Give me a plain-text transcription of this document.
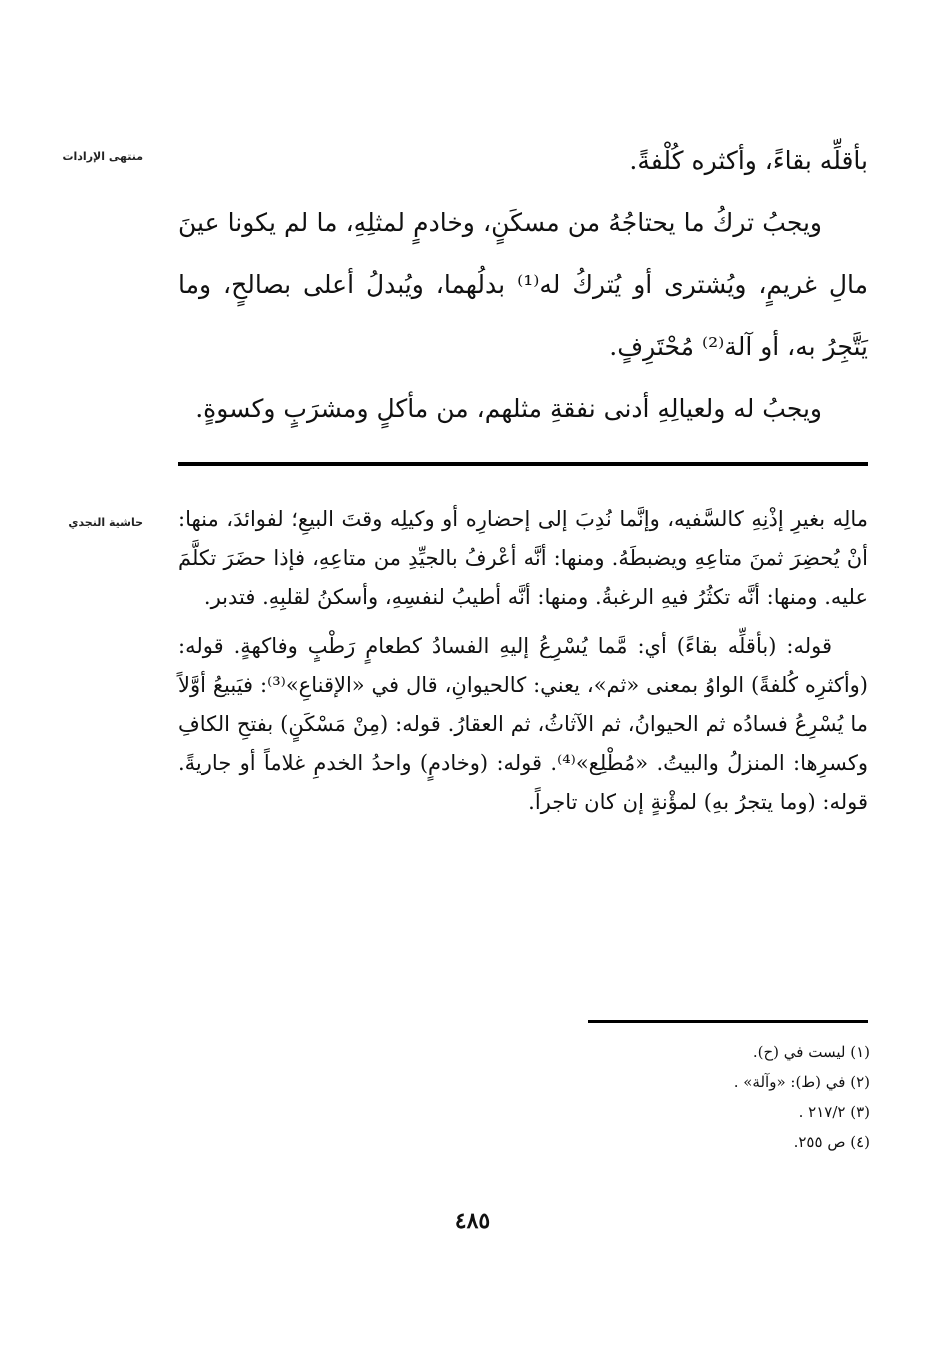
منتهى الإرادات	بأقلِّه بقاءً، وأكثره كُلْفةً.

ويجبُ تركُ ما يحتاجُهُ من مسكَنٍ، وخادمٍ لمثلِهِ، ما لم يكونا عينَ مالِ غريمٍ، ويُشترى أو يُتركُ له⁽¹⁾ بدلُهما، ويُبدلُ أعلى بصالحٍ، وما يَتَّجِرُ به، أو آلة⁽²⁾ مُحْتَرِفٍ.

ويجبُ له ولعيالِهِ أدنى نفقةِ مثلهم، من مأكلٍ ومشرَبٍ وكسوةٍ.

حاشية النجدي مالِه بغيرِ إذْنِهِ كالسَّفيه، وإنَّما نُدِبَ إلى إحضارِه أو وكيلِه وقتَ البيعِ؛ لفوائدَ، منها: أنْ يُحضِرَ ثمنَ متاعِهِ ويضبطَهُ. ومنها: أنَّه أعْرفُ بالجيِّدِ من متاعِهِ، فإذا حضَرَ تكلَّمَ عليه. ومنها: أنَّه تكثُرُ فيهِ الرغبةُ. ومنها: أنَّه أطيبُ لنفسِهِ، وأسكنُ لقلبِهِ. فتدبر.

قوله: (بأقلِّه بقاءً) أي: مَّما يُسْرِعُ إليهِ الفسادُ كطعامٍ رَطْبٍ وفاكهةٍ. قوله: (وأكثرِه كُلفةً) الواوُ بمعنى «ثم»، يعني: كالحيوانِ، قال في «الإقناعِ»⁽³⁾: فيَبيعُ أوَّلاً ما يُسْرِعُ فسادُه ثم الحيوانُ، ثم الآثاثُ، ثم العقارُ. قوله: (مِنْ مَسْكَنٍ) بفتحِ الكافِ وكسرِها: المنزلُ والبيتُ. «مُطْلِع»⁽⁴⁾. قوله: (وخادمٍ) واحدُ الخدمِ غلاماً أو جاريةً. قوله: (وما يتجرُ بهِ) لمؤْنةٍ إن كان تاجراً.

(١) ليست في (ح).
(٢) في (ط): «وآلة» .
(٣) ٢١٧/٢ .
(٤) ص ٢٥٥.
٤٨٥
